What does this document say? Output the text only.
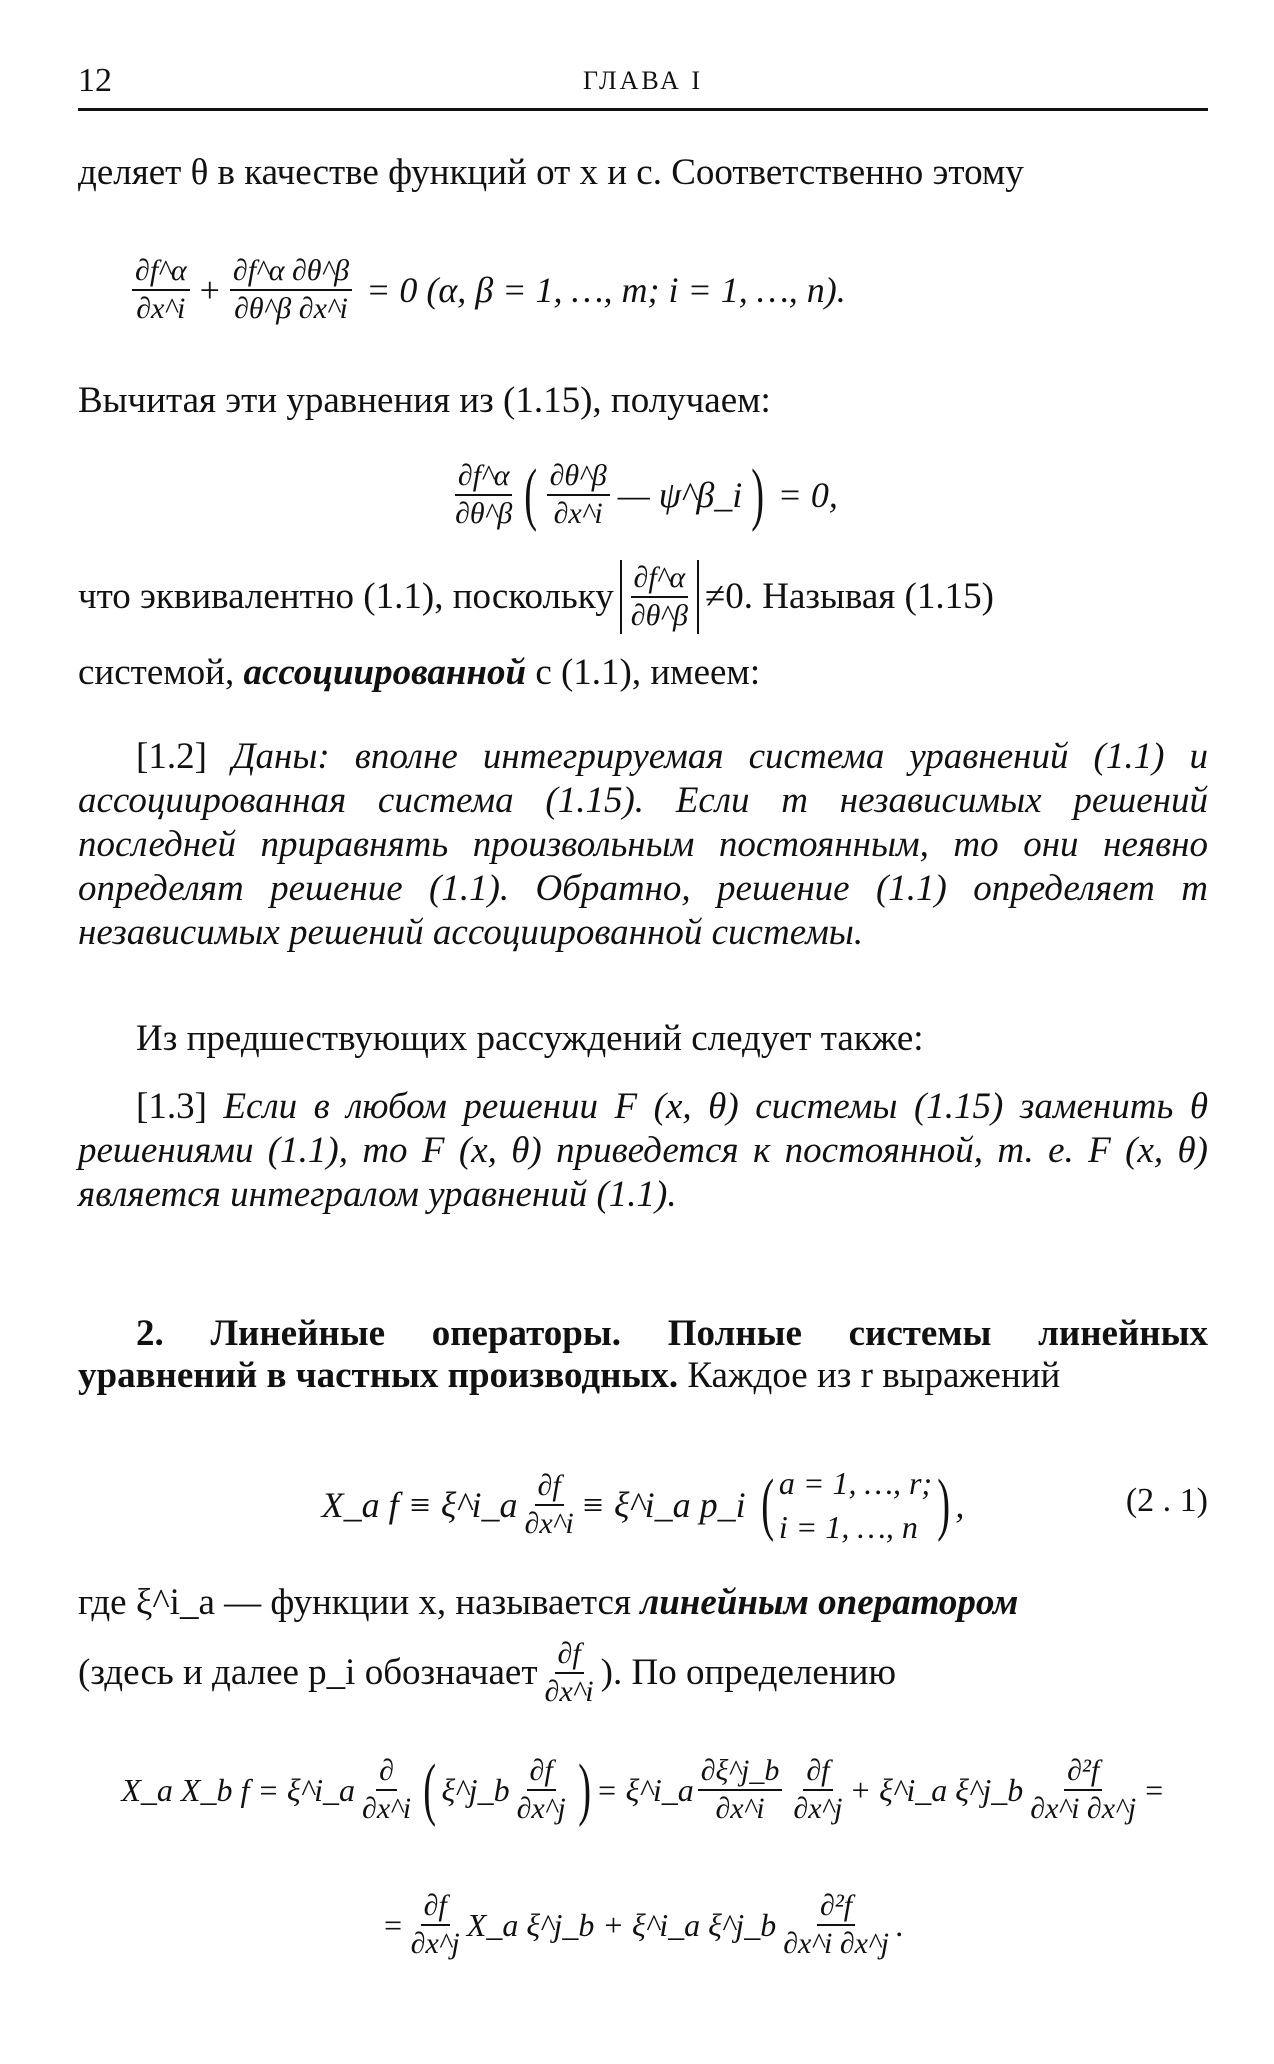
12	ГЛАВА I

деляет θ в качестве функций от x и c. Соответственно этому

$\frac{\partial f\^{}\alpha}{\partial x\^{}i} + \frac{\partial f\^{}\alpha \partial\theta\^{}\beta}{\partial\theta\^{}\beta \partial x\^{}i} = 0$ (α, β = 1, …, m; i = 1, …, n).

Вычитая эти уравнения из (1.15), получаем:

$\frac{\partial f\^{}\alpha}{\partial\theta\^{}\beta}$ ( $\frac{\partial\theta\^{}\beta}{\partial x\^{}i}$ — ψ^β_i ) = 0,
что эквивалентно (1.1), поскольку $\frac{\partial f\^{}\alpha}{\partial\theta\^{}\beta} \ne 0$. Называя (1.15)

системой, ассоциированной с (1.1), имеем:

[1.2] Даны: вполне интегрируемая система уравнений (1.1) и ассоциированная система (1.15). Если m независимых решений последней приравнять произвольным постоянным, то они неявно определят решение (1.1). Обратно, решение (1.1) определяет m независимых решений ассоциированной системы.

Из предшествующих рассуждений следует также:

[1.3] Если в любом решении F (x, θ) системы (1.15) заменить θ решениями (1.1), то F (x, θ) приведется к постоянной, т. е. F (x, θ) является интегралом уравнений (1.1).

2. Линейные операторы. Полные системы линейных уравнений в частных производных. Каждое из r выражений

X_a f ≡ ξ^i_a $\frac{\partial f}{\partial x\^{}i}$ ≡ ξ^i_a p_i ( a = 1, …, r;
i = 1, …, n ) ,	(2 . 1)

где ξ^i_a — функции x, называется линейным оператором

(здесь и далее p_i обозначает $\frac{\partial f}{\partial x\^{}i}$ ). По определению
X_a X_b f = ξ^i_a $\frac{\partial}{\partial x\^{}i}$ ( ξ^j_b $\frac{\partial f}{\partial x\^{}j}$ ) = ξ^i_a $\frac{\partial\xi\^{}j\_b}{\partial x\^{}i} \frac{\partial f}{\partial x\^{}j}$ + ξ^i_a ξ^j_b $\frac{\text{∂²f}}{\partial x\^{}i \partial x\^{}j}$ =
= $\frac{\partial f}{\partial x\^{}j}$ X_a ξ^j_b + ξ^i_a ξ^j_b $\frac{\text{∂²f}}{\partial x\^{}i \partial x\^{}j}$ .
